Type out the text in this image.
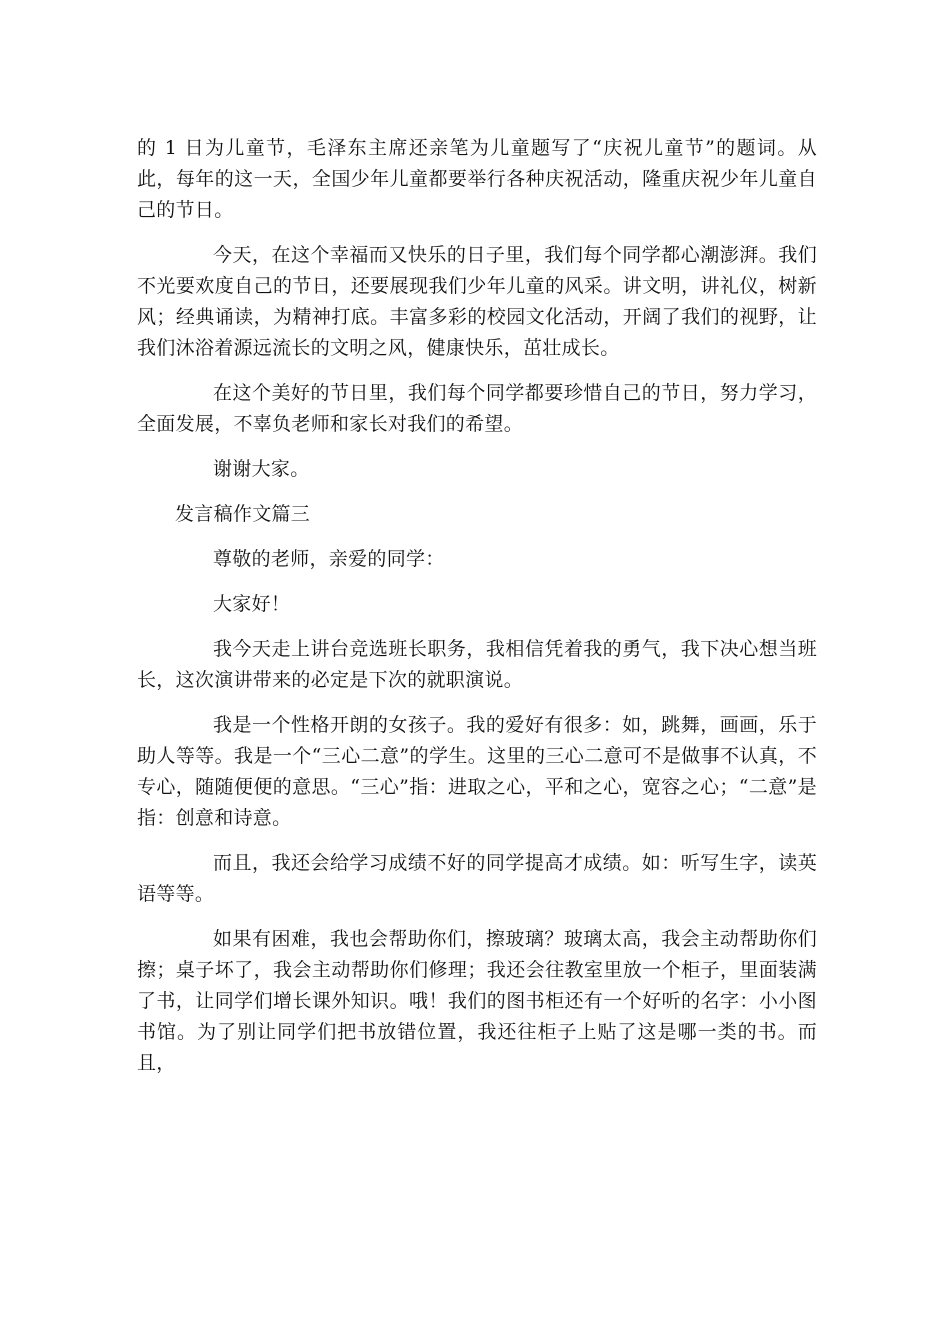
的 1 日为儿童节，毛泽东主席还亲笔为儿童题写了“庆祝儿童节”的题词。从此，每年的这一天，全国少年儿童都要举行各种庆祝活动，隆重庆祝少年儿童自己的节日。

今天，在这个幸福而又快乐的日子里，我们每个同学都心潮澎湃。我们不光要欢度自己的节日，还要展现我们少年儿童的风采。讲文明，讲礼仪，树新风；经典诵读，为精神打底。丰富多彩的校园文化活动，开阔了我们的视野，让我们沐浴着源远流长的文明之风，健康快乐，茁壮成长。

在这个美好的节日里，我们每个同学都要珍惜自己的节日，努力学习，全面发展，不辜负老师和家长对我们的希望。

谢谢大家。

发言稿作文篇三

尊敬的老师，亲爱的同学：

大家好！

我今天走上讲台竞选班长职务，我相信凭着我的勇气，我下决心想当班长，这次演讲带来的必定是下次的就职演说。

我是一个性格开朗的女孩子。我的爱好有很多：如，跳舞，画画，乐于助人等等。我是一个“三心二意”的学生。这里的三心二意可不是做事不认真，不专心，随随便便的意思。“三心”指：进取之心，平和之心，宽容之心；“二意”是指：创意和诗意。

而且，我还会给学习成绩不好的同学提高才成绩。如：听写生字，读英语等等。

如果有困难，我也会帮助你们，擦玻璃？玻璃太高，我会主动帮助你们擦；桌子坏了，我会主动帮助你们修理；我还会往教室里放一个柜子，里面装满了书，让同学们增长课外知识。哦！我们的图书柜还有一个好听的名字：小小图书馆。为了别让同学们把书放错位置，我还往柜子上贴了这是哪一类的书。而且，
